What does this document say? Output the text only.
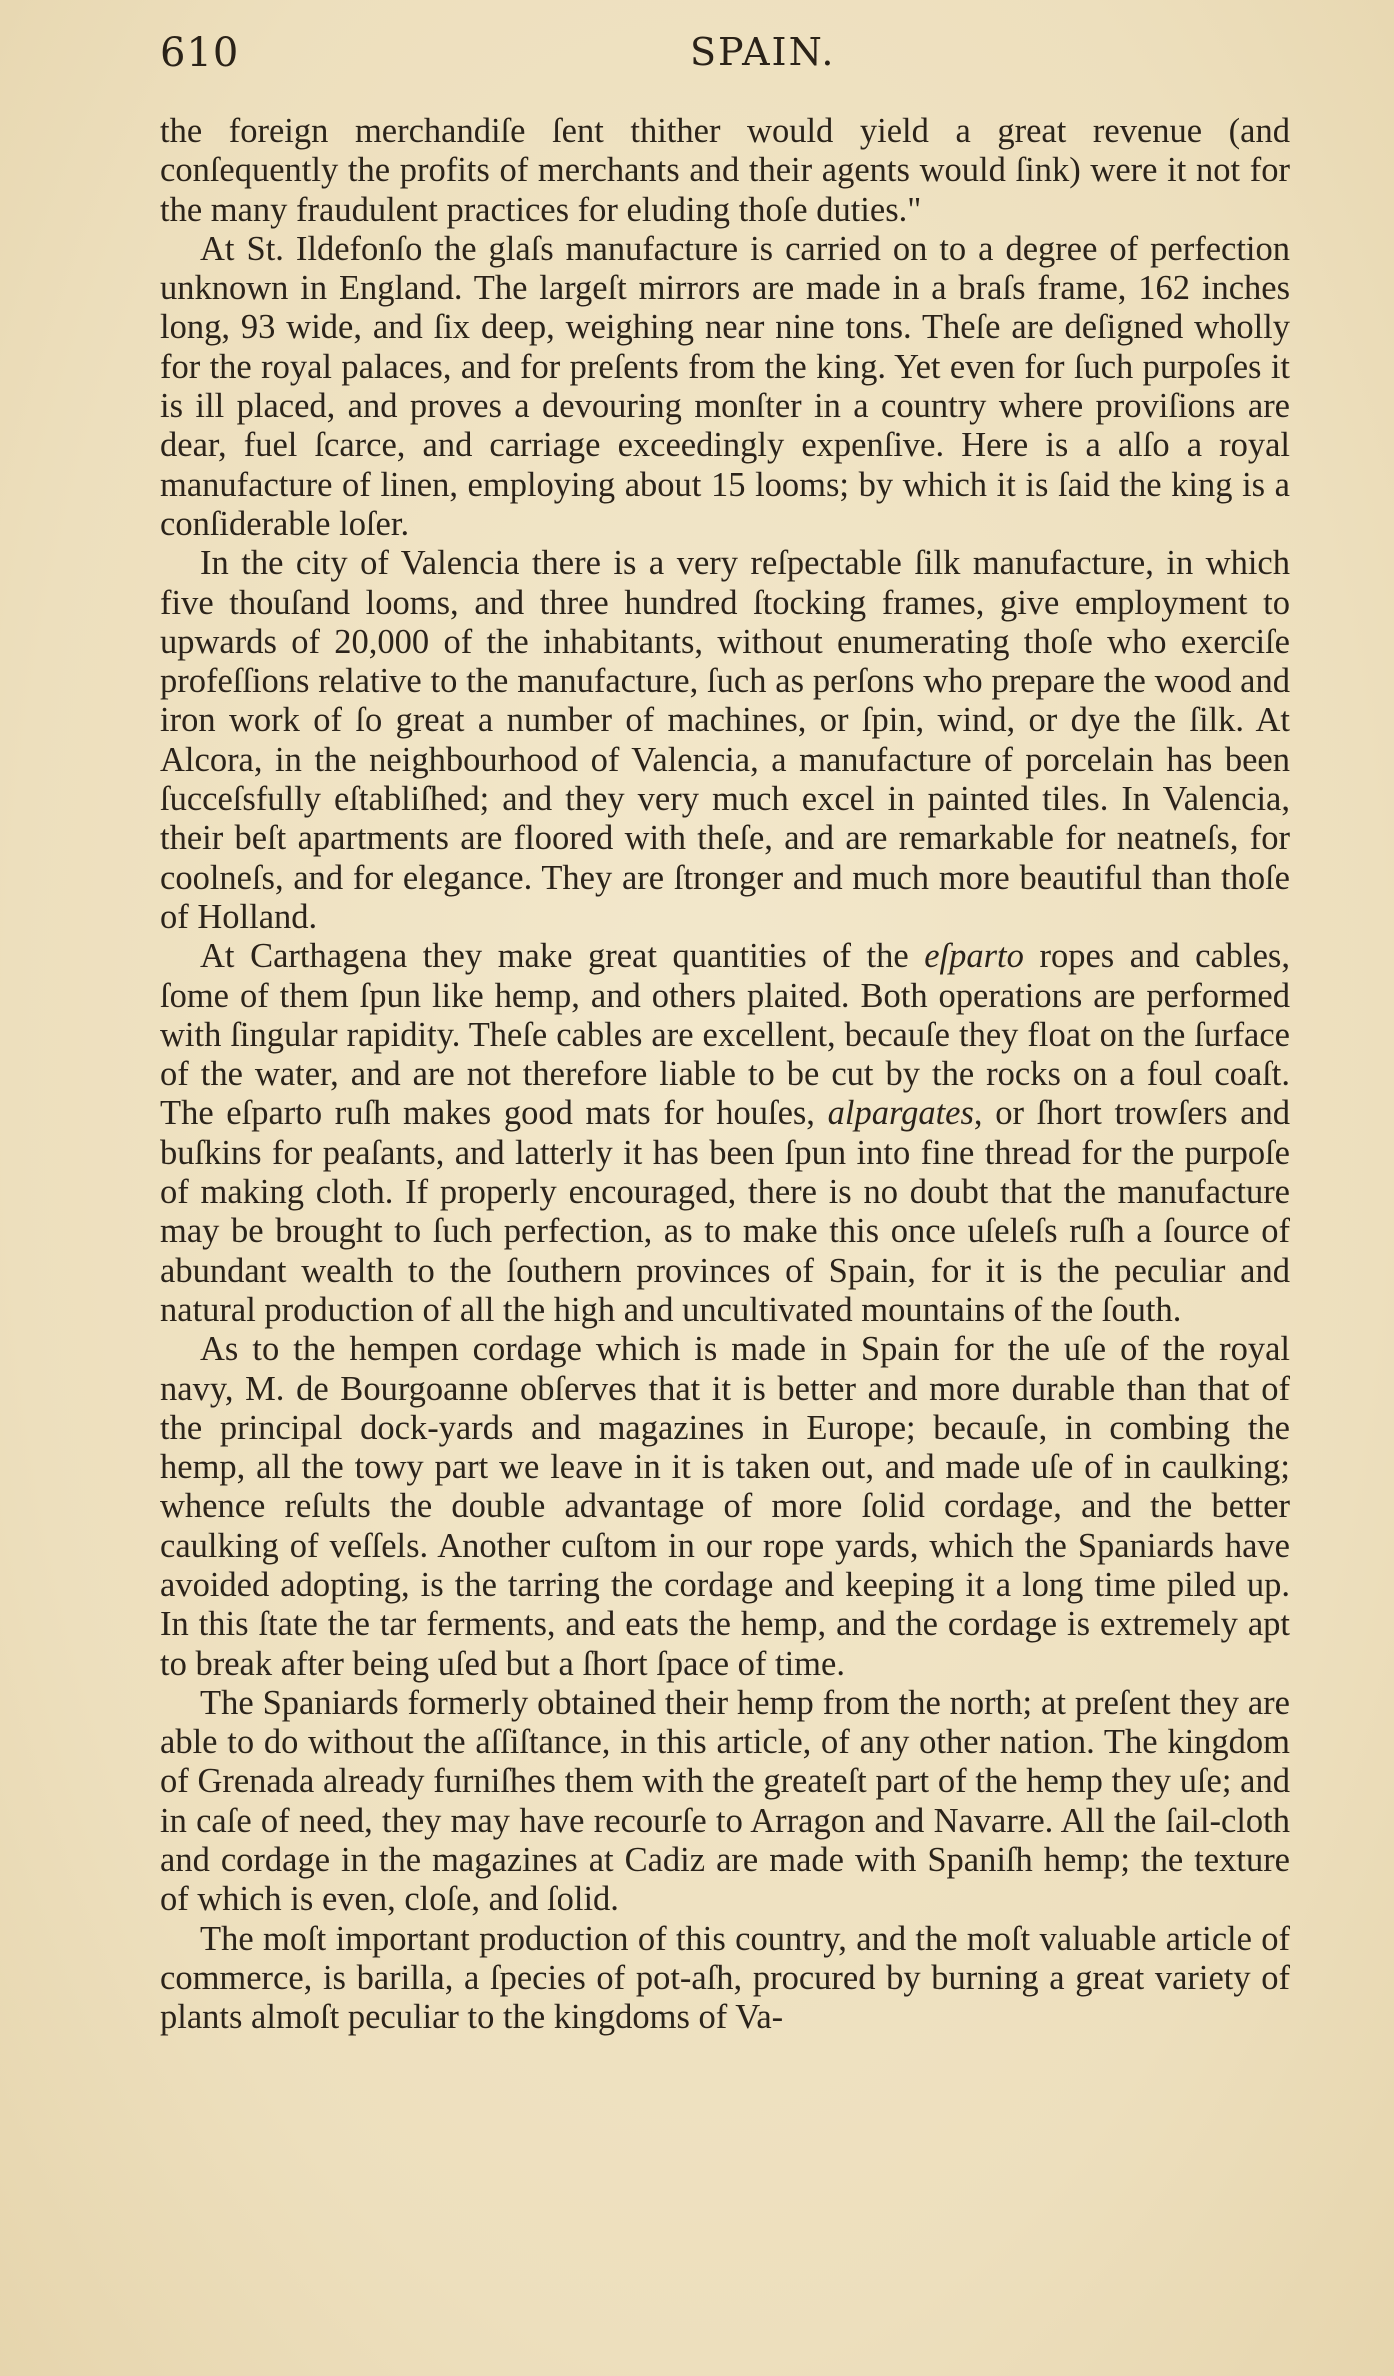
610	SPAIN.

the foreign merchandiſe ſent thither would yield a great revenue (and conſequently the profits of merchants and their agents would ſink) were it not for the many fraudulent practices for eluding thoſe duties."

At St. Ildefonſo the glaſs manufacture is carried on to a degree of perfection unknown in England. The largeſt mirrors are made in a braſs frame, 162 inches long, 93 wide, and ſix deep, weighing near nine tons. Theſe are deſigned wholly for the royal palaces, and for preſents from the king. Yet even for ſuch purpoſes it is ill placed, and proves a devouring monſter in a country where proviſions are dear, fuel ſcarce, and carriage exceedingly expenſive. Here is a alſo a royal manufacture of linen, employing about 15 looms; by which it is ſaid the king is a conſiderable loſer.

In the city of Valencia there is a very reſpectable ſilk manufacture, in which five thouſand looms, and three hundred ſtocking frames, give employment to upwards of 20,000 of the inhabitants, without enumerating thoſe who exerciſe profeſſions relative to the manufacture, ſuch as perſons who prepare the wood and iron work of ſo great a number of machines, or ſpin, wind, or dye the ſilk. At Alcora, in the neighbourhood of Valencia, a manufacture of porcelain has been ſucceſsfully eſtabliſhed; and they very much excel in painted tiles. In Valencia, their beſt apartments are floored with theſe, and are remarkable for neatneſs, for coolneſs, and for elegance. They are ſtronger and much more beautiful than thoſe of Holland.

At Carthagena they make great quantities of the eſparto ropes and cables, ſome of them ſpun like hemp, and others plaited. Both operations are performed with ſingular rapidity. Theſe cables are excellent, becauſe they float on the ſurface of the water, and are not therefore liable to be cut by the rocks on a foul coaſt. The eſparto ruſh makes good mats for houſes, alpargates, or ſhort trowſers and buſkins for peaſants, and latterly it has been ſpun into fine thread for the purpoſe of making cloth. If properly encouraged, there is no doubt that the manufacture may be brought to ſuch perfection, as to make this once uſeleſs ruſh a ſource of abundant wealth to the ſouthern provinces of Spain, for it is the peculiar and natural production of all the high and uncultivated mountains of the ſouth.

As to the hempen cordage which is made in Spain for the uſe of the royal navy, M. de Bourgoanne obſerves that it is better and more durable than that of the principal dock-yards and magazines in Europe; becauſe, in combing the hemp, all the towy part we leave in it is taken out, and made uſe of in caulking; whence reſults the double advantage of more ſolid cordage, and the better caulking of veſſels. Another cuſtom in our rope yards, which the Spaniards have avoided adopting, is the tarring the cordage and keeping it a long time piled up. In this ſtate the tar ferments, and eats the hemp, and the cordage is extremely apt to break after being uſed but a ſhort ſpace of time.

The Spaniards formerly obtained their hemp from the north; at preſent they are able to do without the aſſiſtance, in this article, of any other nation. The kingdom of Grenada already furniſhes them with the greateſt part of the hemp they uſe; and in caſe of need, they may have recourſe to Arragon and Navarre. All the ſail-cloth and cordage in the magazines at Cadiz are made with Spaniſh hemp; the texture of which is even, cloſe, and ſolid.

The moſt important production of this country, and the moſt valuable article of commerce, is barilla, a ſpecies of pot-aſh, procured by burning a great variety of plants almoſt peculiar to the kingdoms of Va-
